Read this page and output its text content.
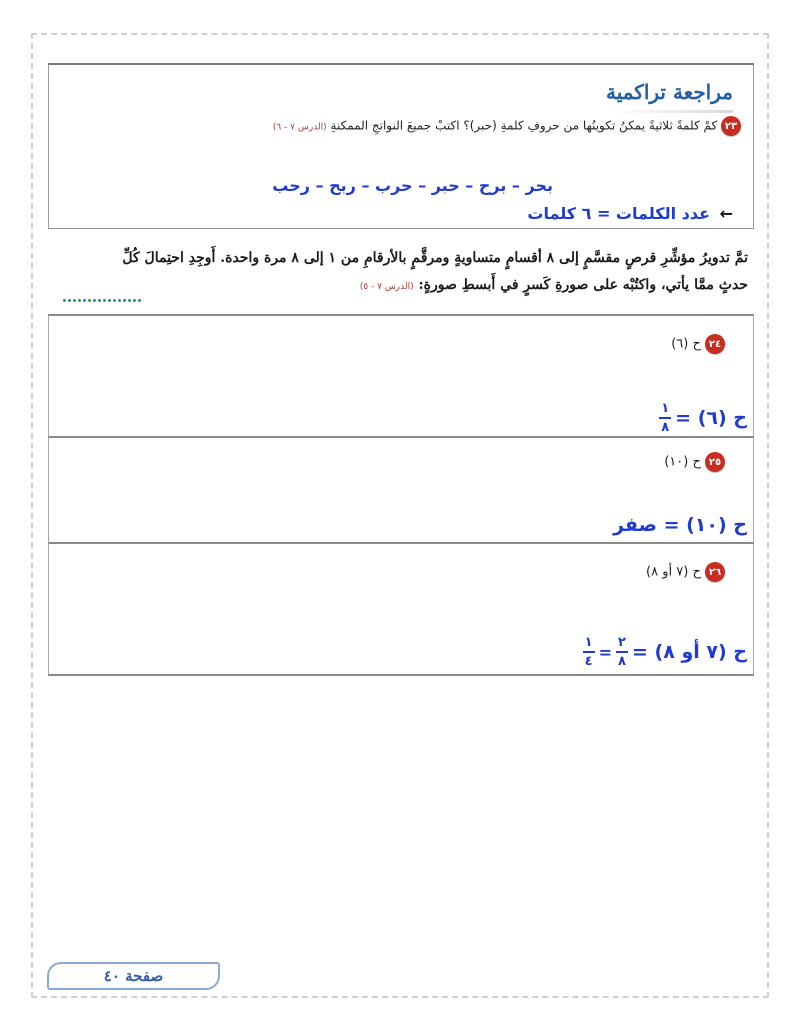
مراجعة تراكمية
٢٣ كمْ كلمةً ثلاثيةً يمكنُ تكوينُها من حروفِ كلمةِ (حبر)؟ اكتبْ جميعَ النواتجِ الممكنةِ (الدرس ٧ - ٦)
بحر – برح – حبر – حرب – ربح – رحب
← عدد الكلمات = ٦ كلمات
تمَّ تدويرُ مؤشِّرِ قرصٍ مقسَّمٍ إلى ٨ أقسامٍ متساويةٍ ومرقَّمٍ بالأرقامِ من ١ إلى ٨ مرة واحدة. أَوجِدِ احتِمالَ كُلِّ
حدثٍ ممَّا يأتي، واكتُبْه على صورةِ كَسرٍ في أَبسطِ صورةٍ: (الدرس ٧ - ٥)
٢٤ ح (٦)
ح (٦) =
$\frac{١}{٨}$
٢٥ ح (١٠)
ح (١٠) = صفر
٢٦ ح (٧ أو ٨)
ح (٧ أو ٨) =
$\frac{٢}{٨}$
=
$\frac{١}{٤}$
صفحة ٤٠
